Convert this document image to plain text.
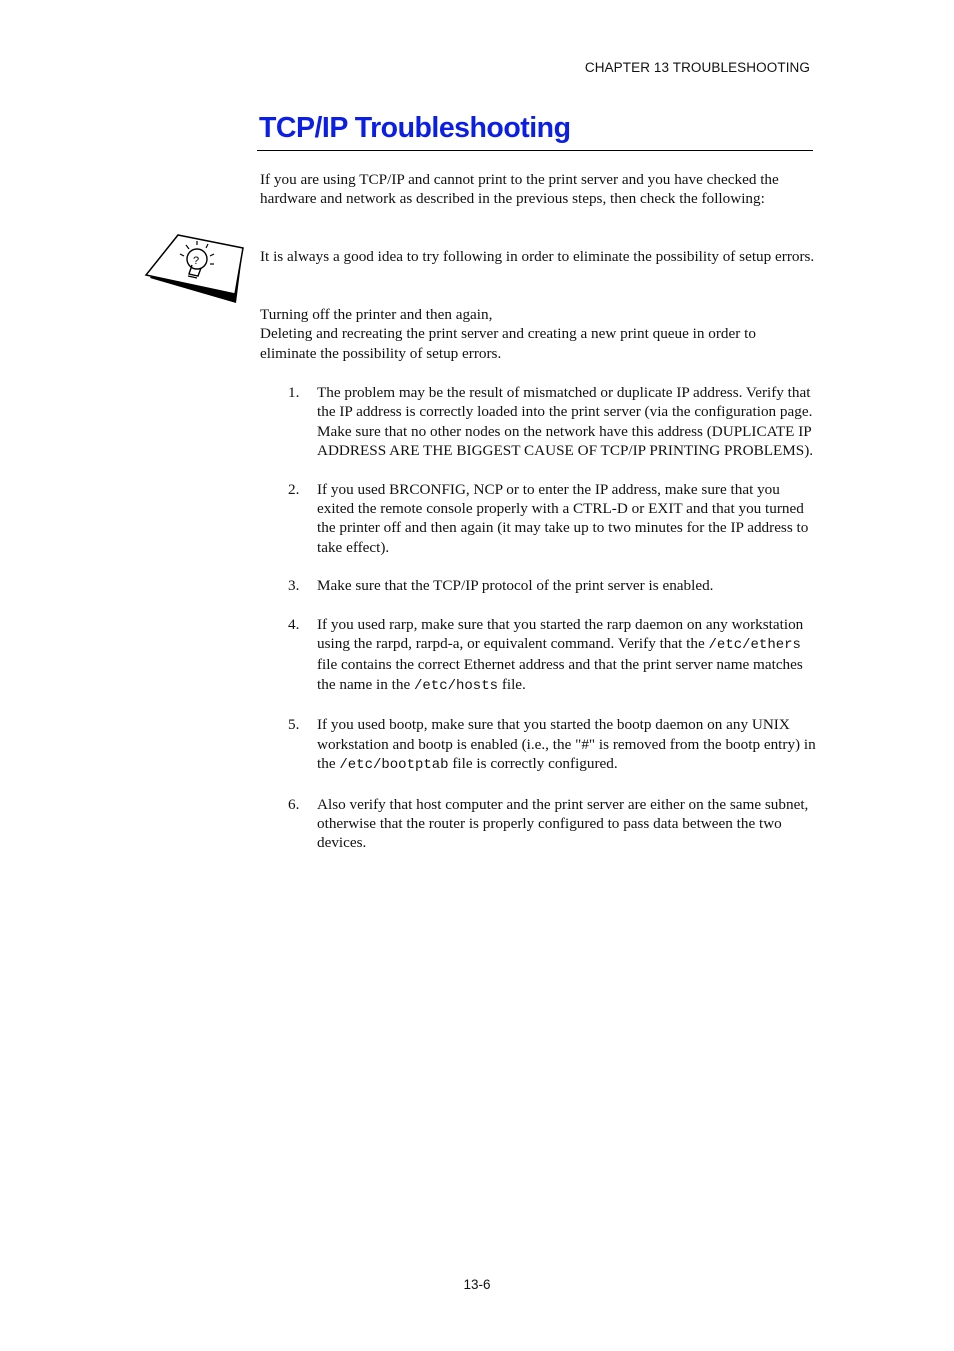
CHAPTER 13 TROUBLESHOOTING
TCP/IP Troubleshooting

If you are using TCP/IP and cannot print to the print server and you have checked the hardware and network as described in the previous steps, then check the following:

?	It is always a good idea to try following in order to eliminate the possibility of setup errors.

Turning off the printer and then again,
Deleting and recreating the print server and creating a new print queue in order to eliminate the possibility of setup errors.

1. The problem may be the result of mismatched or duplicate IP address. Verify that the IP address is correctly loaded into the print server (via the configuration page. Make sure that no other nodes on the network have this address (DUPLICATE IP ADDRESS ARE THE BIGGEST CAUSE OF TCP/IP PRINTING PROBLEMS).
2. If you used BRCONFIG, NCP or to enter the IP address, make sure that you exited the remote console properly with a CTRL-D or EXIT and that you turned the printer off and then again (it may take up to two minutes for the IP address to take effect).
3. Make sure that the TCP/IP protocol of the print server is enabled.
4. If you used rarp, make sure that you started the rarp daemon on any workstation using the rarpd, rarpd-a, or equivalent command. Verify that the /etc/ethers file contains the correct Ethernet address and that the print server name matches the name in the /etc/hosts file.
5. If you used bootp, make sure that you started the bootp daemon on any UNIX workstation and bootp is enabled (i.e., the "#" is removed from the bootp entry) in the /etc/bootptab file is correctly configured.
6. Also verify that host computer and the print server are either on the same subnet, otherwise that the router is properly configured to pass data between the two devices.
13-6
